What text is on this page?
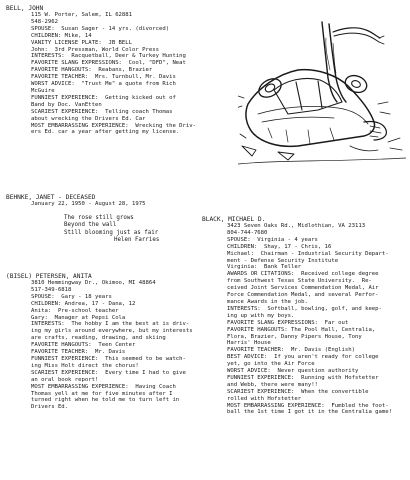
BELL, JOHN
115 W. Porter, Salem, IL 62881
548-2962
SPOUSE:  Susan Sager - 14 yrs. (divorced)
CHILDREN: Mike, 14
VANITY LICENSE PLATE:  JB BELL
John:  3rd Pressman, World Color Press
INTERESTS:  Racquetball, Deer & Turkey Hunting
FAVORITE SLANG EXPRESSIONS:  Cool, "DFD", Neat
FAVORITE HANGOUTS:  Reabans, Brazier
FAVORITE TEACHER:  Mrs. Turnbull, Mr. Davis
WORST ADVICE:  "Trust Me" a quote from Rich
McGuire
FUNNIEST EXPERIENCE:  Getting kicked out of
Band by Doc. VanEtten
SCARIEST EXPERIENCE:  Telling coach Thomas
about wrecking the Drivers Ed. Car
MOST EMBARRASSING EXPERIENCE:  Wrecking the Driv-
ers Ed. car a year after getting my license.
BEHNKE, JANET - DECEASED
January 22, 1950 - August 28, 1975
The rose still grows
Beyond the wall
Still blooming just as fair
Helen Farries
(BISEL) PETERSEN, ANITA
3810 Hemmingway Dr., Okimoo, MI 48864
517-349-6818
SPOUSE:  Gary - 18 years
CHILDREN: Andrea, 17 - Dana, 12
Anita:  Pre-school teacher
Gary:  Manager at Pepsi Cola
INTERESTS:  The hobby I am the best at is driv-
ing my girls around everywhere, but my interests
are crafts, reading, drawing, and skiing
FAVORITE HANGOUTS:  Teen Center
FAVORITE TEACHER:  Mr. Davis
FUNNIEST EXPERIENCE:  This seemed to be watch-
ing Miss Holt direct the chorus!
SCARIEST EXPERIENCE:  Every time I had to give
an oral book report!
MOST EMBARRASSING EXPERIENCE:  Having Coach
Thomas yell at me for five minutes after I
turned right when he told me to turn left in
Drivers Ed.
BLACK, MICHAEL D.
3423 Seven Oaks Rd., Midlothian, VA 23113
804-744-7680
SPOUSE:  Virginia - 4 years
CHILDREN:  Shay, 17 - Chris, 16
Michael:  Chairman - Industrial Security Depart-
ment - Defense Security Institute
Virginia:  Bank Teller
AWARDS OR CITATIONS:  Received college degree
from Southwest Texas State University.  Re-
ceived Joint Services Commendation Medal, Air
Force Commendation Medal, and several Perfor-
mance Awards in the job.
INTERESTS:  Softball, bowling, golf, and keep-
ing up with my boys.
FAVORITE SLANG EXPRESSIONS:  Far out
FAVORITE HANGOUTS: The Pool Hall, Centralia,
Flora, Brazier, Danny Pipers House, Tony
Harris' House
FAVORITE TEACHER:  Mr. Davis (English)
BEST ADVICE:  If you aren't ready for college
yet, go into the Air Force
WORST ADVICE:  Never question authority
FUNNIEST EXPERIENCE:  Running with Hofstetter
and Webb, there were many!!
SCARIEST EXPERIENCE:  When the convertible
rolled with Hofstetter
MOST EMBARRASSING EXPERIENCE:  Fumbled the foot-
ball the 1st time I got it in the Centralia game!
